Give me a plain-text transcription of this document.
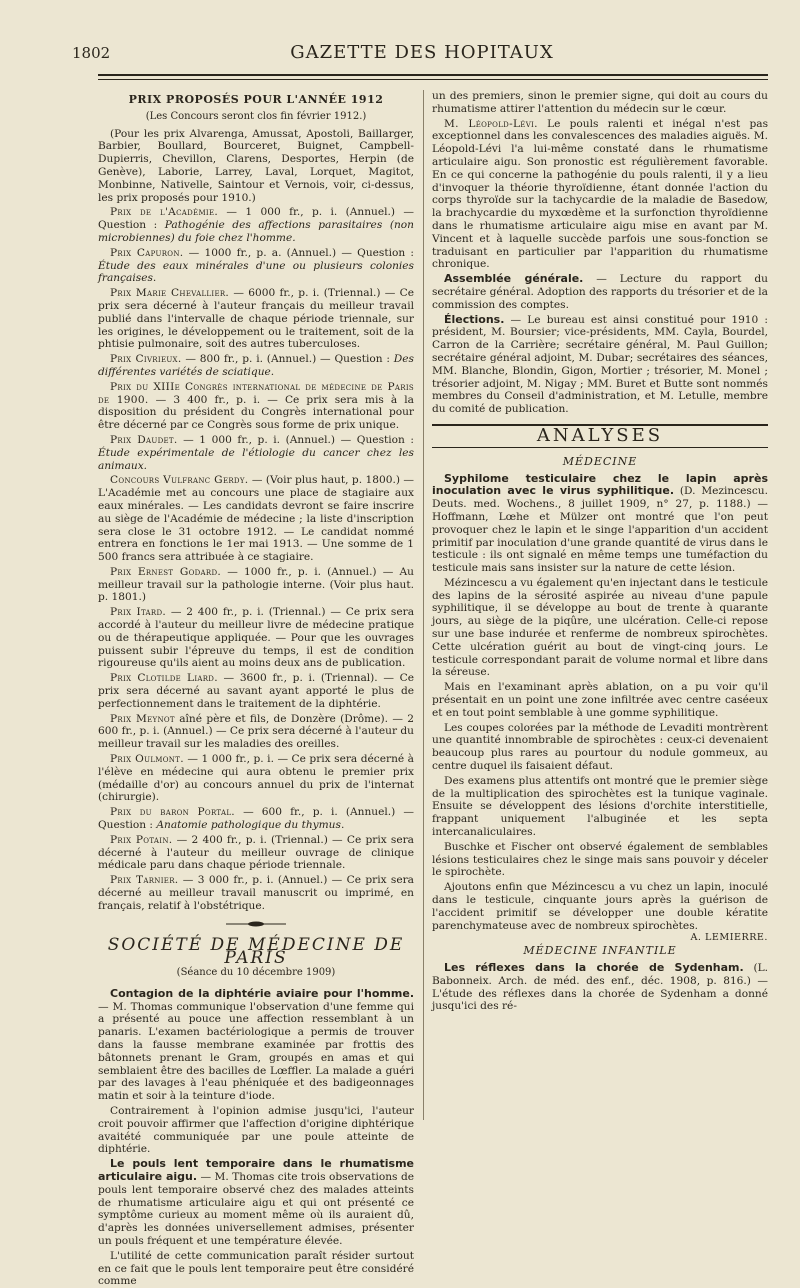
1802	GAZETTE DES HOPITAUX
PRIX PROPOSÉS POUR L'ANNÉE 1912
(Les Concours seront clos fin février 1912.)

(Pour les prix Alvarenga, Amussat, Apostoli, Baillarger, Barbier, Boullard, Bourceret, Buignet, Campbell-Dupierris, Chevillon, Clarens, Desportes, Herpin (de Genève), Laborie, Larrey, Laval, Lorquet, Magitot, Monbinne, Nativelle, Saintour et Vernois, voir, ci-dessus, les prix proposés pour 1910.)

Prix de l'Académie. — 1 000 fr., p. i. (Annuel.) — Question : Pathogénie des affections parasitaires (non microbiennes) du foie chez l'homme.

Prix Capuron. — 1000 fr., p. a. (Annuel.) — Question : Étude des eaux minérales d'une ou plusieurs colonies françaises.

Prix Marie Chevallier. — 6000 fr., p. i. (Triennal.) — Ce prix sera décerné à l'auteur français du meilleur travail publié dans l'intervalle de chaque période triennale, sur les origines, le développement ou le traitement, soit de la phtisie pulmonaire, soit des autres tuberculoses.

Prix Civrieux. — 800 fr., p. i. (Annuel.) — Question : Des différentes variétés de sciatique.

Prix du XIIIe Congrès international de médecine de Paris de 1900. — 3 400 fr., p. i. — Ce prix sera mis à la disposition du président du Congrès international pour être décerné par ce Congrès sous forme de prix unique.

Prix Daudet. — 1 000 fr., p. i. (Annuel.) — Question : Étude expérimentale de l'étiologie du cancer chez les animaux.

Concours Vulfranc Gerdy. — (Voir plus haut, p. 1800.) — L'Académie met au concours une place de stagiaire aux eaux minérales. — Les candidats devront se faire inscrire au siège de l'Académie de médecine ; la liste d'inscription sera close le 31 octobre 1912. — Le candidat nommé entrera en fonctions le 1er mai 1913. — Une somme de 1 500 francs sera attribuée à ce stagiaire.

Prix Ernest Godard. — 1000 fr., p. i. (Annuel.) — Au meilleur travail sur la pathologie interne. (Voir plus haut. p. 1801.)

Prix Itard. — 2 400 fr., p. i. (Triennal.) — Ce prix sera accordé à l'auteur du meilleur livre de médecine pratique ou de thérapeutique appliquée. — Pour que les ouvrages puissent subir l'épreuve du temps, il est de condition rigoureuse qu'ils aient au moins deux ans de publication.

Prix Clotilde Liard. — 3600 fr., p. i. (Triennal). — Ce prix sera décerné au savant ayant apporté le plus de perfectionnement dans le traitement de la diphtérie.

Prix Meynot aîné père et fils, de Donzère (Drôme). — 2 600 fr., p. i. (Annuel.) — Ce prix sera décerné à l'auteur du meilleur travail sur les maladies des oreilles.

Prix Oulmont. — 1 000 fr., p. i. — Ce prix sera décerné à l'élève en médecine qui aura obtenu le premier prix (médaille d'or) au concours annuel du prix de l'internat (chirurgie).

Prix du baron Portal. — 600 fr., p. i. (Annuel.) — Question : Anatomie pathologique du thymus.

Prix Potain. — 2 400 fr., p. i. (Triennal.) — Ce prix sera décerné à l'auteur du meilleur ouvrage de clinique médicale paru dans chaque période triennale.

Prix Tarnier. — 3 000 fr., p. i. (Annuel.) — Ce prix sera décerné au meilleur travail manuscrit ou imprimé, en français, relatif à l'obstétrique.

SOCIÉTÉ DE MÉDECINE DE PARIS
(Séance du 10 décembre 1909)

Contagion de la diphtérie aviaire pour l'homme. — M. Thomas communique l'observation d'une femme qui a présenté au pouce une affection ressemblant à un panaris. L'examen bactériologique a permis de trouver dans la fausse membrane examinée par frottis des bâtonnets prenant le Gram, groupés en amas et qui semblaient être des bacilles de Lœffler. La malade a guéri par des lavages à l'eau phéniquée et des badigeonnages matin et soir à la teinture d'iode.

Contrairement à l'opinion admise jusqu'ici, l'auteur croit pouvoir affirmer que l'affection d'origine diphtérique avaitété communiquée par une poule atteinte de diphtérie.

Le pouls lent temporaire dans le rhumatisme articulaire aigu. — M. Thomas cite trois observations de pouls lent temporaire observé chez des malades atteints de rhumatisme articulaire aigu et qui ont présenté ce symptôme curieux au moment même où ils auraient dû, d'après les données universellement admises, présenter un pouls fréquent et une température élevée.

L'utilité de cette communication paraît résider surtout en ce fait que le pouls lent temporaire peut être considéré comme

un des premiers, sinon le premier signe, qui doit au cours du rhumatisme attirer l'attention du médecin sur le cœur.

M. Léopold-Lévi. Le pouls ralenti et inégal n'est pas exceptionnel dans les convalescences des maladies aiguës. M. Léopold-Lévi l'a lui-même constaté dans le rhumatisme articulaire aigu. Son pronostic est régulièrement favorable. En ce qui concerne la pathogénie du pouls ralenti, il y a lieu d'invoquer la théorie thyroïdienne, étant donnée l'action du corps thyroïde sur la tachycardie de la maladie de Basedow, la brachycardie du myxœdème et la surfonction thyroïdienne dans le rhumatisme articulaire aigu mise en avant par M. Vincent et à laquelle succède parfois une sous-fonction se traduisant en particulier par l'apparition du rhumatisme chronique.

Assemblée générale. — Lecture du rapport du secrétaire général. Adoption des rapports du trésorier et de la commission des comptes.

Élections. — Le bureau est ainsi constitué pour 1910 : président, M. Boursier; vice-présidents, MM. Cayla, Bourdel, Carron de la Carrière; secrétaire général, M. Paul Guillon; secrétaire général adjoint, M. Dubar; secrétaires des séances, MM. Blanche, Blondin, Gigon, Mortier ; trésorier, M. Monel ; trésorier adjoint, M. Nigay ; MM. Buret et Butte sont nommés membres du Conseil d'administration, et M. Letulle, membre du comité de publication.

ANALYSES
MÉDECINE

Syphilome testiculaire chez le lapin après inoculation avec le virus syphilitique. (D. Mezincescu. Deuts. med. Wochens., 8 juillet 1909, n° 27, p. 1188.) — Hoffmann, Lœhe et Mülzer ont montré que l'on peut provoquer chez le lapin et le singe l'apparition d'un accident primitif par inoculation d'une grande quantité de virus dans le testicule : ils ont signalé en même temps une tuméfaction du testicule mais sans insister sur la nature de cette lésion.

Mézincescu a vu également qu'en injectant dans le testicule des lapins de la sérosité aspirée au niveau d'une papule syphilitique, il se développe au bout de trente à quarante jours, au siège de la piqûre, une ulcération. Celle-ci repose sur une base indurée et renferme de nombreux spirochètes. Cette ulcération guérit au bout de vingt-cinq jours. Le testicule correspondant parait de volume normal et libre dans la séreuse.

Mais en l'examinant après ablation, on a pu voir qu'il présentait en un point une zone infiltrée avec centre caséeux et en tout point semblable à une gomme syphilitique.

Les coupes colorées par la méthode de Levaditi montrèrent une quantité innombrable de spirochètes : ceux-ci devenaient beaucoup plus rares au pourtour du nodule gommeux, au centre duquel ils faisaient défaut.

Des examens plus attentifs ont montré que le premier siège de la multiplication des spirochètes est la tunique vaginale. Ensuite se développent des lésions d'orchite interstitielle, frappant uniquement l'albuginée et les septa intercanaliculaires.

Buschke et Fischer ont observé également de semblables lésions testiculaires chez le singe mais sans pouvoir y déceler le spirochète.

Ajoutons enfin que Mézincescu a vu chez un lapin, inoculé dans le testicule, cinquante jours après la guérison de l'accident primitif se développer une double kératite parenchymateuse avec de nombreux spirochètes.
A. LEMIERRE.

MÉDECINE INFANTILE

Les réflexes dans la chorée de Sydenham. (L. Babonneix. Arch. de méd. des enf., déc. 1908, p. 816.) — L'étude des réflexes dans la chorée de Sydenham a donné jusqu'ici des ré-
